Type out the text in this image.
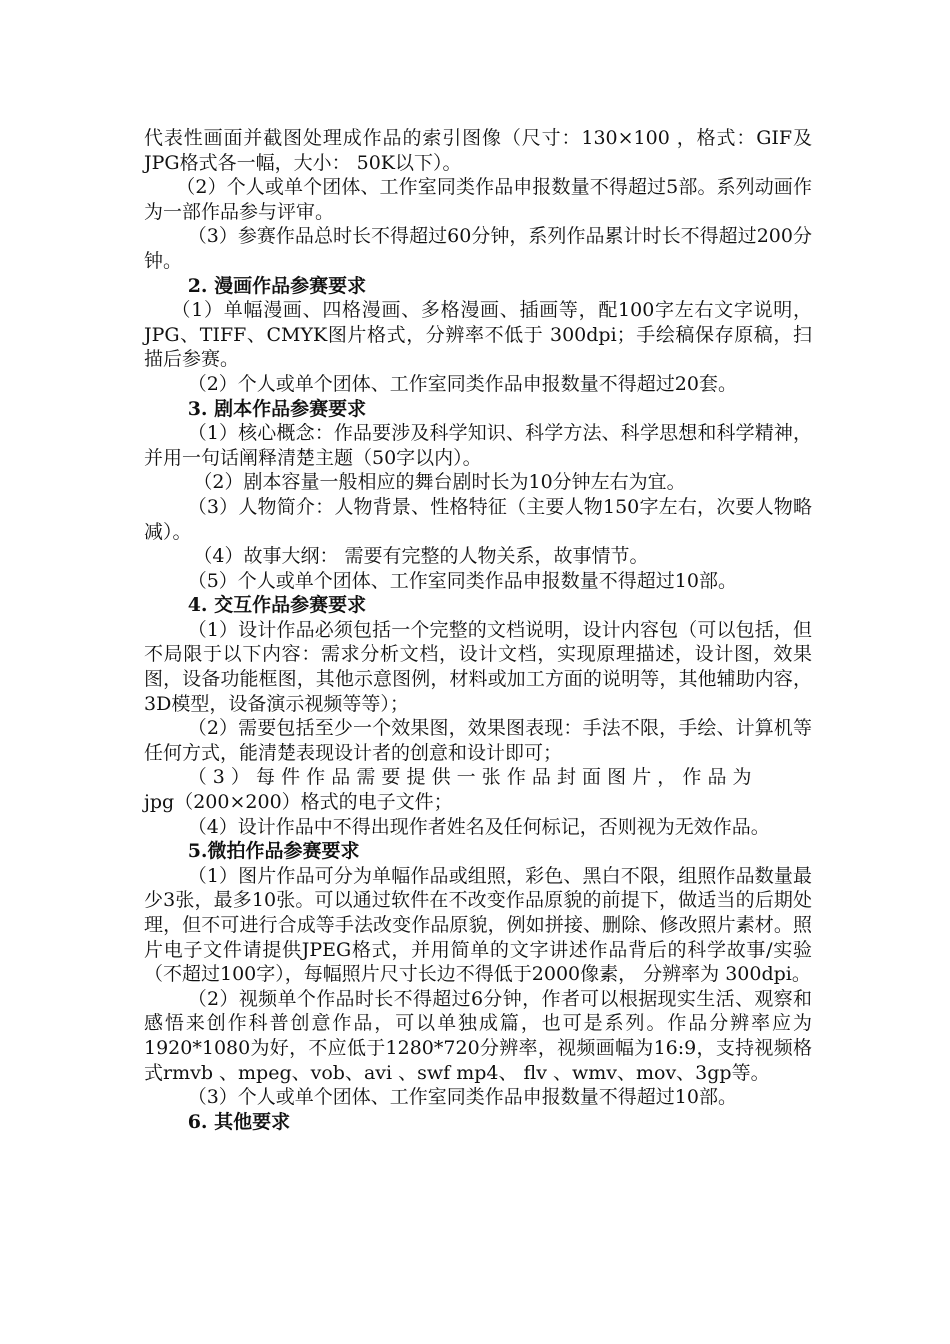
代表性画面并截图处理成作品的索引图像（尺寸：130×100 ，格式：GIF及JPG格式各一幅，大小： 50K以下）。

（2）个人或单个团体、工作室同类作品申报数量不得超过5部。系列动画作为一部作品参与评审。

（3）参赛作品总时长不得超过60分钟，系列作品累计时长不得超过200分钟。

2. 漫画作品参赛要求

（1）单幅漫画、四格漫画、多格漫画、插画等，配100字左右文字说明， JPG、TIFF、CMYK图片格式，分辨率不低于 300dpi；手绘稿保存原稿，扫描后参赛。

（2）个人或单个团体、工作室同类作品申报数量不得超过20套。

3. 剧本作品参赛要求

（1）核心概念：作品要涉及科学知识、科学方法、科学思想和科学精神，并用一句话阐释清楚主题（50字以内）。

（2）剧本容量一般相应的舞台剧时长为10分钟左右为宜。

（3）人物简介：人物背景、性格特征（主要人物150字左右，次要人物略减）。

（4）故事大纲： 需要有完整的人物关系，故事情节。

（5）个人或单个团体、工作室同类作品申报数量不得超过10部。

4. 交互作品参赛要求

（1）设计作品必须包括一个完整的文档说明，设计内容包（可以包括，但不局限于以下内容：需求分析文档，设计文档，实现原理描述，设计图，效果图，设备功能框图，其他示意图例，材料或加工方面的说明等，其他辅助内容，3D模型，设备演示视频等等）；

（2）需要包括至少一个效果图，效果图表现：手法不限，手绘、计算机等任何方式，能清楚表现设计者的创意和设计即可；

（3）每件作品需要提供一张作品封面图片，作品为

jpg（200×200）格式的电子文件；

（4）设计作品中不得出现作者姓名及任何标记，否则视为无效作品。

5.微拍作品参赛要求

（1）图片作品可分为单幅作品或组照，彩色、黑白不限，组照作品数量最少3张，最多10张。可以通过软件在不改变作品原貌的前提下，做适当的后期处理，但不可进行合成等手法改变作品原貌，例如拼接、删除、修改照片素材。照片电子文件请提供JPEG格式，并用简单的文字讲述作品背后的科学故事/实验（不超过100字），每幅照片尺寸长边不得低于2000像素， 分辨率为 300dpi。

（2）视频单个作品时长不得超过6分钟，作者可以根据现实生活、观察和感悟来创作科普创意作品，可以单独成篇，也可是系列。作品分辨率应为1920*1080为好，不应低于1280*720分辨率，视频画幅为16:9，支持视频格式rmvb 、mpeg、vob、avi 、swf mp4、 flv 、wmv、mov、3gp等。

（3）个人或单个团体、工作室同类作品申报数量不得超过10部。

6. 其他要求
